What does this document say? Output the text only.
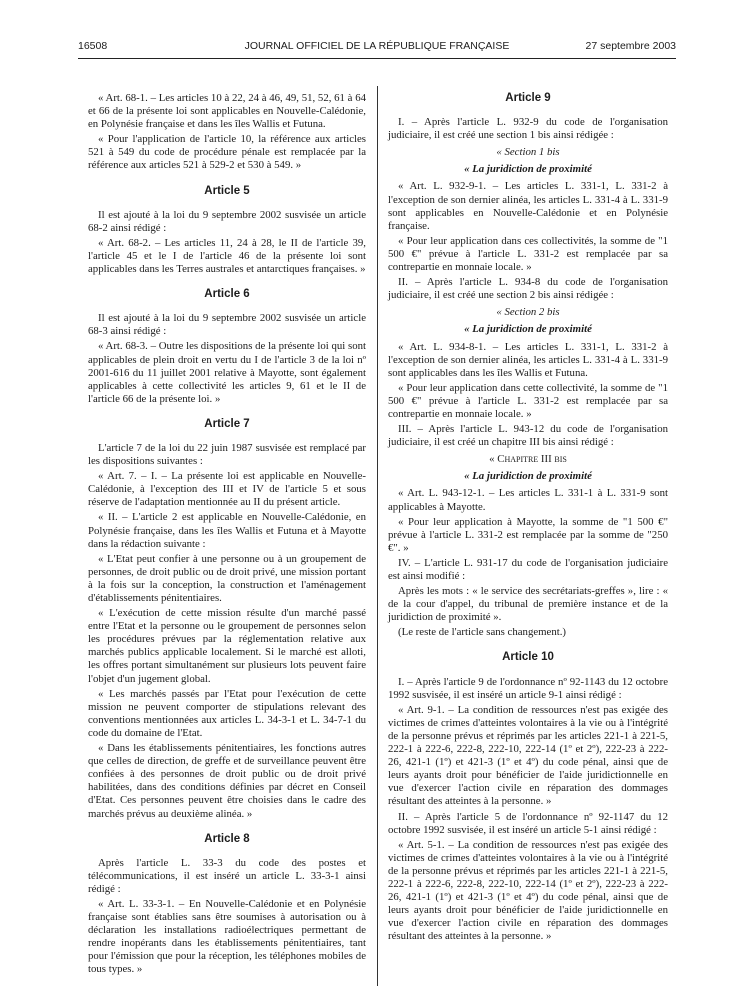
16508	JOURNAL OFFICIEL DE LA RÉPUBLIQUE FRANÇAISE	27 septembre 2003

« Art. 68-1. – Les articles 10 à 22, 24 à 46, 49, 51, 52, 61 à 64 et 66 de la présente loi sont applicables en Nouvelle-Calédonie, en Polynésie française et dans les îles Wallis et Futuna.

« Pour l'application de l'article 10, la référence aux articles 521 à 549 du code de procédure pénale est remplacée par la référence aux articles 521 à 529-2 et 530 à 549. »

Article 5

Il est ajouté à la loi du 9 septembre 2002 susvisée un article 68-2 ainsi rédigé :

« Art. 68-2. – Les articles 11, 24 à 28, le II de l'article 39, l'article 45 et le I de l'article 46 de la présente loi sont applicables dans les Terres australes et antarctiques françaises. »

Article 6

Il est ajouté à la loi du 9 septembre 2002 susvisée un article 68-3 ainsi rédigé :

« Art. 68-3. – Outre les dispositions de la présente loi qui sont applicables de plein droit en vertu du I de l'article 3 de la loi nº 2001-616 du 11 juillet 2001 relative à Mayotte, sont également applicables à cette collectivité les articles 9, 61 et le II de l'article 66 de la présente loi. »

Article 7

L'article 7 de la loi du 22 juin 1987 susvisée est remplacé par les dispositions suivantes :

« Art. 7. – I. – La présente loi est applicable en Nouvelle-Calédonie, à l'exception des III et IV de l'article 5 et sous réserve de l'adaptation mentionnée au II du présent article.

« II. – L'article 2 est applicable en Nouvelle-Calédonie, en Polynésie française, dans les îles Wallis et Futuna et à Mayotte dans la rédaction suivante :

« L'Etat peut confier à une personne ou à un groupement de personnes, de droit public ou de droit privé, une mission portant à la fois sur la conception, la construction et l'aménagement d'établissements pénitentiaires.

« L'exécution de cette mission résulte d'un marché passé entre l'Etat et la personne ou le groupement de personnes selon les procédures prévues par la réglementation relative aux marchés publics applicable localement. Si le marché est alloti, les offres portant simultanément sur plusieurs lots peuvent faire l'objet d'un jugement global.

« Les marchés passés par l'Etat pour l'exécution de cette mission ne peuvent comporter de stipulations relevant des conventions mentionnées aux articles L. 34-3-1 et L. 34-7-1 du code du domaine de l'Etat.

« Dans les établissements pénitentiaires, les fonctions autres que celles de direction, de greffe et de surveillance peuvent être confiées à des personnes de droit public ou de droit privé habilitées, dans des conditions définies par décret en Conseil d'Etat. Ces personnes peuvent être choisies dans le cadre des marchés prévus au deuxième alinéa. »

Article 8

Après l'article L. 33-3 du code des postes et télécommunications, il est inséré un article L. 33-3-1 ainsi rédigé :

« Art. L. 33-3-1. – En Nouvelle-Calédonie et en Polynésie française sont établies sans être soumises à autorisation ou à déclaration les installations radioélectriques permettant de rendre inopérants dans les établissements pénitentiaires, tant pour l'émission que pour la réception, les téléphones mobiles de tous types. »

Article 9

I. – Après l'article L. 932-9 du code de l'organisation judiciaire, il est créé une section 1 bis ainsi rédigée :

« Section 1 bis
« La juridiction de proximité

« Art. L. 932-9-1. – Les articles L. 331-1, L. 331-2 à l'exception de son dernier alinéa, les articles L. 331-4 à L. 331-9 sont applicables en Nouvelle-Calédonie et en Polynésie française.

« Pour leur application dans ces collectivités, la somme de "1 500 €" prévue à l'article L. 331-2 est remplacée par sa contrepartie en monnaie locale. »

II. – Après l'article L. 934-8 du code de l'organisation judiciaire, il est créé une section 2 bis ainsi rédigée :

« Section 2 bis
« La juridiction de proximité

« Art. L. 934-8-1. – Les articles L. 331-1, L. 331-2 à l'exception de son dernier alinéa, les articles L. 331-4 à L. 331-9 sont applicables dans les îles Wallis et Futuna.

« Pour leur application dans cette collectivité, la somme de "1 500 €" prévue à l'article L. 331-2 est remplacée par sa contrepartie en monnaie locale. »

III. – Après l'article L. 943-12 du code de l'organisation judiciaire, il est créé un chapitre III bis ainsi rédigé :

« Chapitre III bis
« La juridiction de proximité

« Art. L. 943-12-1. – Les articles L. 331-1 à L. 331-9 sont applicables à Mayotte.

« Pour leur application à Mayotte, la somme de "1 500 €" prévue à l'article L. 331-2 est remplacée par la somme de "250 €". »

IV. – L'article L. 931-17 du code de l'organisation judiciaire est ainsi modifié :

Après les mots : « le service des secrétariats-greffes », lire : « de la cour d'appel, du tribunal de première instance et de la juridiction de proximité ».

(Le reste de l'article sans changement.)

Article 10

I. – Après l'article 9 de l'ordonnance nº 92-1143 du 12 octobre 1992 susvisée, il est inséré un article 9-1 ainsi rédigé :

« Art. 9-1. – La condition de ressources n'est pas exigée des victimes de crimes d'atteintes volontaires à la vie ou à l'intégrité de la personne prévus et réprimés par les articles 221-1 à 221-5, 222-1 à 222-6, 222-8, 222-10, 222-14 (1º et 2º), 222-23 à 222-26, 421-1 (1º) et 421-3 (1º et 4º) du code pénal, ainsi que de leurs ayants droit pour bénéficier de l'aide juridictionnelle en vue d'exercer l'action civile en réparation des dommages résultant des atteintes à la personne. »

II. – Après l'article 5 de l'ordonnance nº 92-1147 du 12 octobre 1992 susvisée, il est inséré un article 5-1 ainsi rédigé :

« Art. 5-1. – La condition de ressources n'est pas exigée des victimes de crimes d'atteintes volontaires à la vie ou à l'intégrité de la personne prévus et réprimés par les articles 221-1 à 221-5, 222-1 à 222-6, 222-8, 222-10, 222-14 (1º et 2º), 222-23 à 222-26, 421-1 (1º) et 421-3 (1º et 4º) du code pénal, ainsi que de leurs ayants droit pour bénéficier de l'aide juridictionnelle en vue d'exercer l'action civile en réparation des dommages résultant des atteintes à la personne. »
